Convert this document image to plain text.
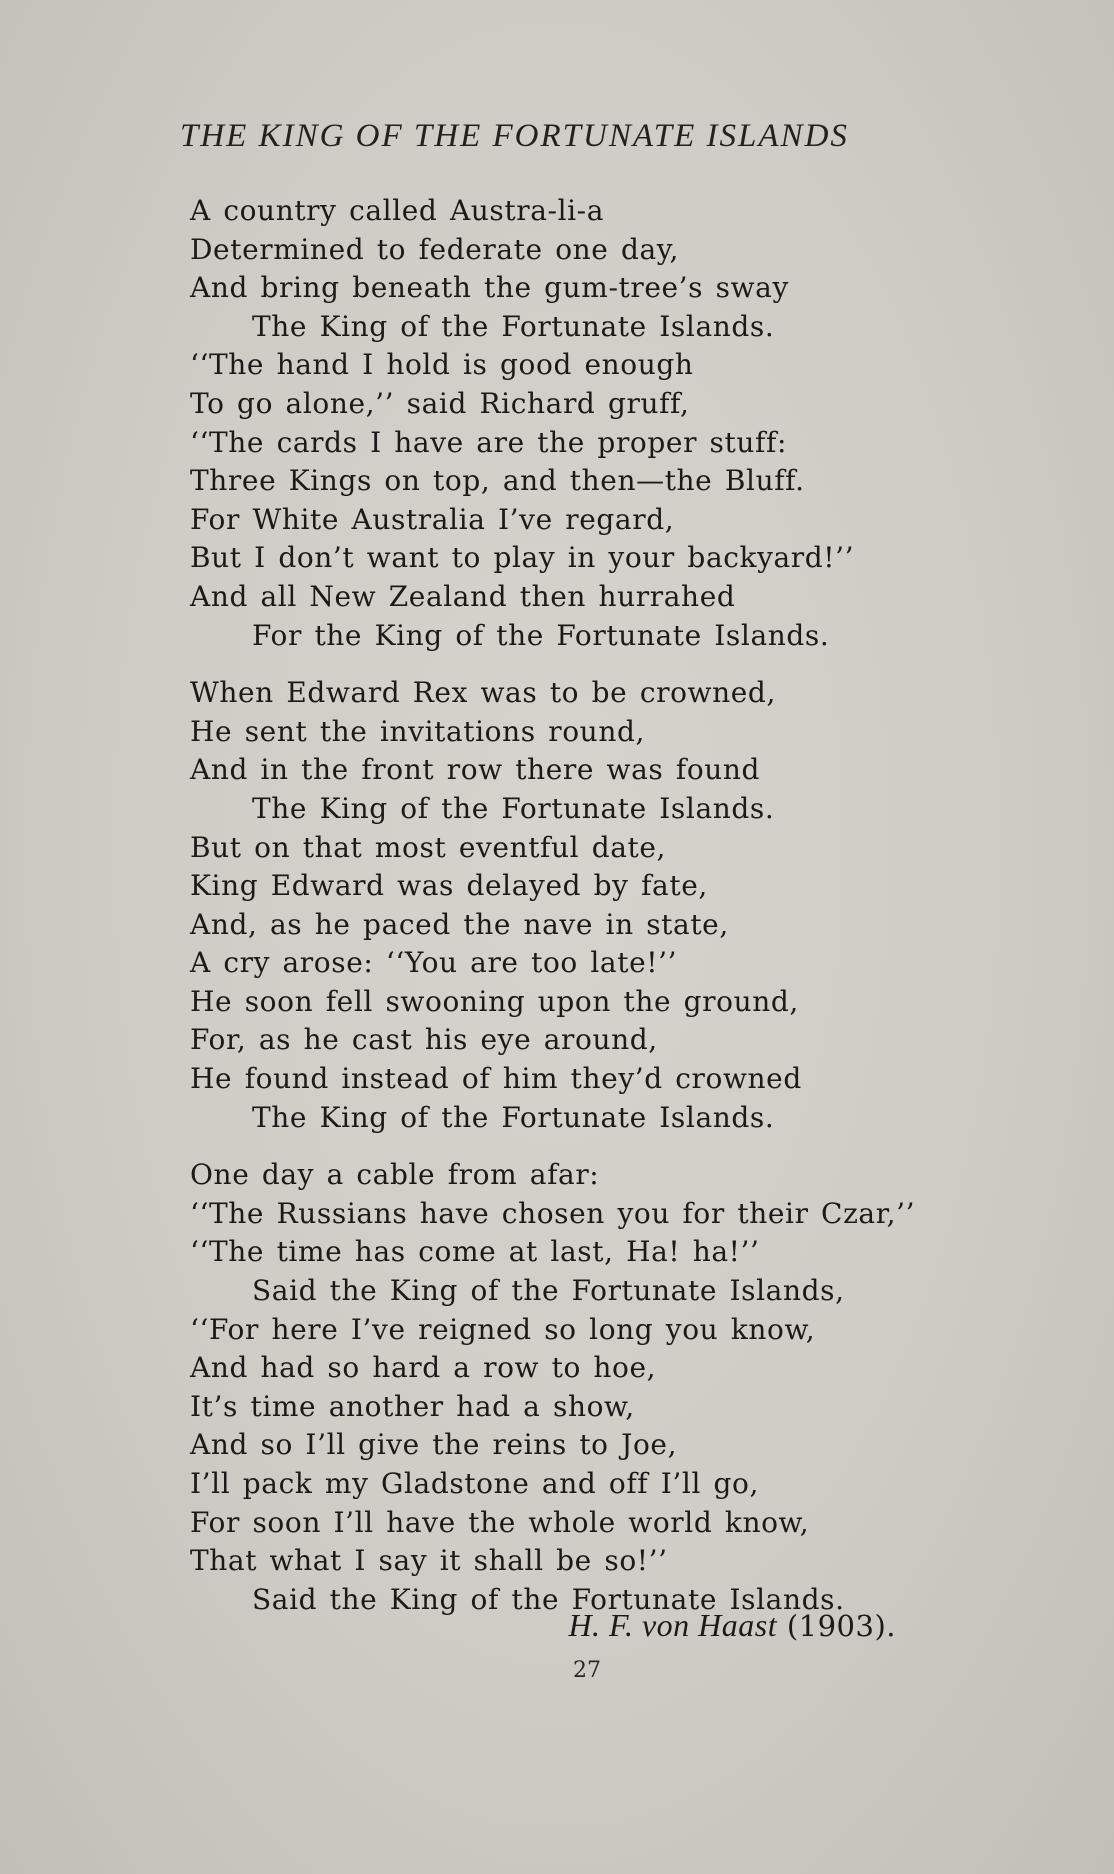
THE KING OF THE FORTUNATE ISLANDS
A country called Austra-li-a
Determined to federate one day,
And bring beneath the gum-tree’s sway
The King of the Fortunate Islands.
‘‘The hand I hold is good enough
To go alone,’’ said Richard gruff,
‘‘The cards I have are the proper stuff:
Three Kings on top, and then—the Bluff.
For White Australia I’ve regard,
But I don’t want to play in your backyard!’’
And all New Zealand then hurrahed
For the King of the Fortunate Islands.
When Edward Rex was to be crowned,
He sent the invitations round,
And in the front row there was found
The King of the Fortunate Islands.
But on that most eventful date,
King Edward was delayed by fate,
And, as he paced the nave in state,
A cry arose: ‘‘You are too late!’’
He soon fell swooning upon the ground,
For, as he cast his eye around,
He found instead of him they’d crowned
The King of the Fortunate Islands.
One day a cable from afar:
‘‘The Russians have chosen you for their Czar,’’
‘‘The time has come at last, Ha! ha!’’
Said the King of the Fortunate Islands,
‘‘For here I’ve reigned so long you know,
And had so hard a row to hoe,
It’s time another had a show,
And so I’ll give the reins to Joe,
I’ll pack my Gladstone and off I’ll go,
For soon I’ll have the whole world know,
That what I say it shall be so!’’
Said the King of the Fortunate Islands.
H. F. von Haast (1903).
27
